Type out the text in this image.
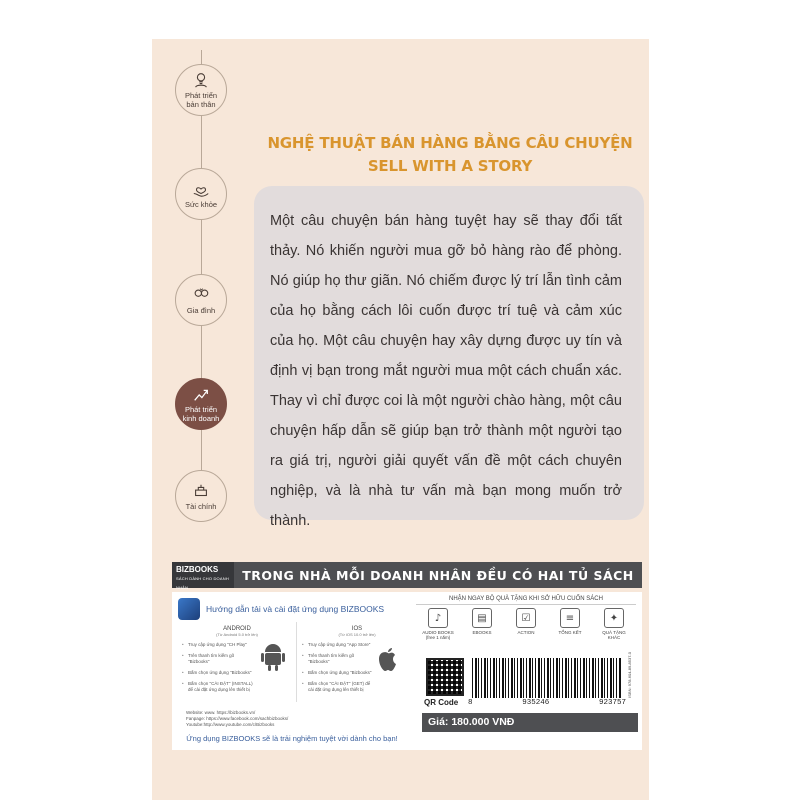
Phát triển
bản thân
Sức khỏe
Gia đình
Phát triển
kinh doanh
Tài chính
NGHỆ THUẬT BÁN HÀNG BẰNG CÂU CHUYỆN
SELL WITH A STORY

Một câu chuyện bán hàng tuyệt hay sẽ thay đổi tất thảy. Nó khiến người mua gỡ bỏ hàng rào để phòng. Nó giúp họ thư giãn. Nó chiếm được lý trí lẫn tình cảm của họ bằng cách lôi cuốn được trí tuệ và cảm xúc của họ. Một câu chuyện hay xây dựng được uy tín và định vị bạn trong mắt người mua một cách chuẩn xác. Thay vì chỉ được coi là một người chào hàng, một câu chuyện hấp dẫn sẽ giúp bạn trở thành một người tạo ra giá trị, người giải quyết vấn đề một cách chuyên nghiệp, và là nhà tư vấn mà bạn mong muốn trở thành.

BIZBOOKS
SÁCH DÀNH CHO DOANH NHÂN
TRONG NHÀ MỖI DOANH NHÂN ĐỀU CÓ HAI TỦ SÁCH
Hướng dẫn tải và cài đặt ứng dụng BIZBOOKS
ANDROID
(Từ Android 5.0 trở lên)
• Truy cập ứng dụng "CH Play"
• Trên thanh tìm kiếm gõ "Bizbooks"
• Bấm chọn ứng dụng "Bizbooks"
• Bấm chọn "CÀI ĐẶT" (INSTALL) để cài đặt ứng dụng lên thiết bị
IOS
(Từ iOS 10.0 trở lên)
• Truy cập ứng dụng "App Store"
• Trên thanh tìm kiếm gõ "Bizbooks"
• Bấm chọn ứng dụng "Bizbooks"
• Bấm chọn "CÀI ĐẶT" (GET) để cài đặt ứng dụng lên thiết bị
Website: www. https://bizbooks.vn/
Fanpage: https://www.facebook.com/sachbizbooks/
Youtube:http://www.youtube.com/c/Bizbooks
Ứng dụng BIZBOOKS sẽ là trải nghiệm tuyệt vời dành cho bạn!
NHẬN NGAY BỘ QUÀ TẶNG KHI SỞ HỮU CUỐN SÁCH
♪
AUDIO BOOKS (free 1 năm)
▤
EBOOKS
☑
ACTION
≡
TỔNG KẾT
✦
QUÀ TẶNG KHÁC
QR Code
ISBN: 978-604-89-8537-0
8	935246	923757
Giá: 180.000 VNĐ
